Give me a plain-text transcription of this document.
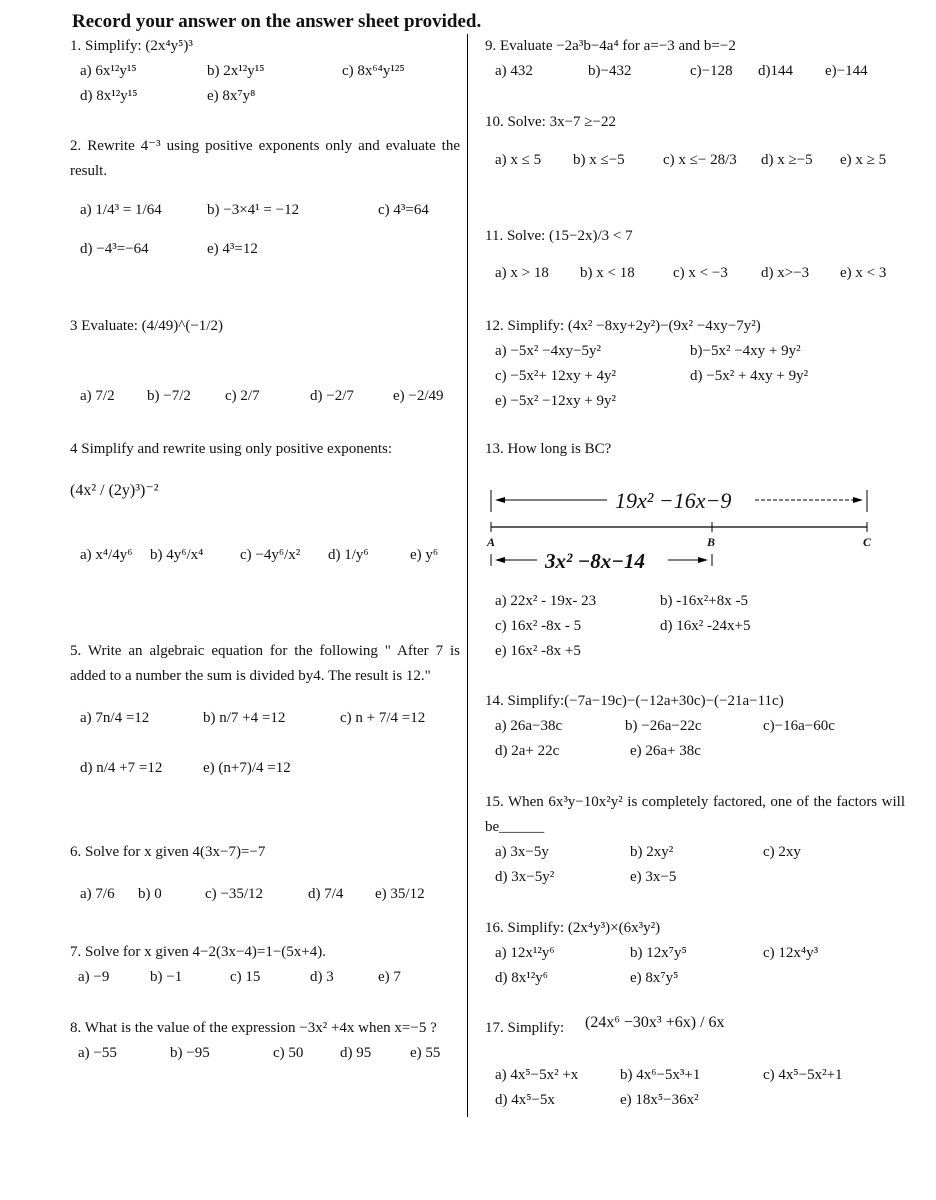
Record your answer on the answer sheet provided.
1. Simplify: (2x⁴y⁵)³
a) 6x¹²y¹⁵	b) 2x¹²y¹⁵	c) 8x⁶⁴y¹²⁵
d) 8x¹²y¹⁵	e) 8x⁷y⁸
2. Rewrite 4⁻³ using positive exponents only and evaluate the result.
a) 1/4³ = 1/64	b) −3×4¹ = −12	c) 4³=64
d) −4³=−64	e) 4³=12
3 Evaluate: (4/49)^(−1/2)
a) 7/2 b) −7/2 c) 2/7	d) −2/7	e) −2/49
4 Simplify and rewrite using only positive exponents:
(4x² / (2y)³)⁻²
a) x⁴/4y⁶ b) 4y⁶/x⁴ c) −4y⁶/x² d) 1/y⁶	e) y⁶
5. Write an algebraic equation for the following " After 7 is added to a number the sum is divided by4. The result is 12."
a) 7n/4 =12	b) n/7 +4 =12	c) n + 7/4 =12
d) n/4 +7 =12	e) (n+7)/4 =12
6. Solve for x given 4(3x−7)=−7
a) 7/6 b) 0	c) −35/12	d) 7/4 e) 35/12
7. Solve for x given 4−2(3x−4)=1−(5x+4).
a) −9	b) −1	c) 15	d) 3	e) 7
8. What is the value of the expression −3x² +4x when x=−5 ?
a) −55	b) −95	c) 50 d) 95	e) 55
9. Evaluate −2a³b−4a⁴ for a=−3 and b=−2
a) 432	b)−432	c)−128 d)144 e)−144
10. Solve: 3x−7 ≥−22
a) x ≤ 5 b) x ≤−5	c) x ≤− 28/3 d) x ≥−5 e) x ≥ 5
11. Solve: (15−2x)/3 < 7
a) x > 18 b) x < 18	c) x < −3 d) x>−3 e) x < 3
12. Simplify: (4x² −8xy+2y²)−(9x² −4xy−7y²)
a) −5x² −4xy−5y²	b)−5x² −4xy + 9y²
c) −5x²+ 12xy + 4y²	d) −5x² + 4xy + 9y²
e) −5x² −12xy + 9y²
13. How long is BC?
19x² −16x−9
A	B	C
3x² −8x−14
a) 22x² - 19x- 23	b) -16x²+8x -5
c) 16x² -8x - 5	d) 16x² -24x+5
e) 16x² -8x +5
14. Simplify:(−7a−19c)−(−12a+30c)−(−21a−11c)
a) 26a−38c	b) −26a−22c	c)−16a−60c
d) 2a+ 22c	e) 26a+ 38c
15. When 6x³y−10x²y² is completely factored, one of the factors will be______
a) 3x−5y	b) 2xy²	c) 2xy
d) 3x−5y²	e) 3x−5
16. Simplify: (2x⁴y³)×(6x³y²)
a) 12x¹²y⁶	b) 12x⁷y⁵	c) 12x⁴y³
d) 8x¹²y⁶	e) 8x⁷y⁵
17. Simplify:	(24x⁶ −30x³ +6x) / 6x
a) 4x⁵−5x² +x	b) 4x⁶−5x³+1	c) 4x⁵−5x²+1
d) 4x⁵−5x	e) 18x⁵−36x²
